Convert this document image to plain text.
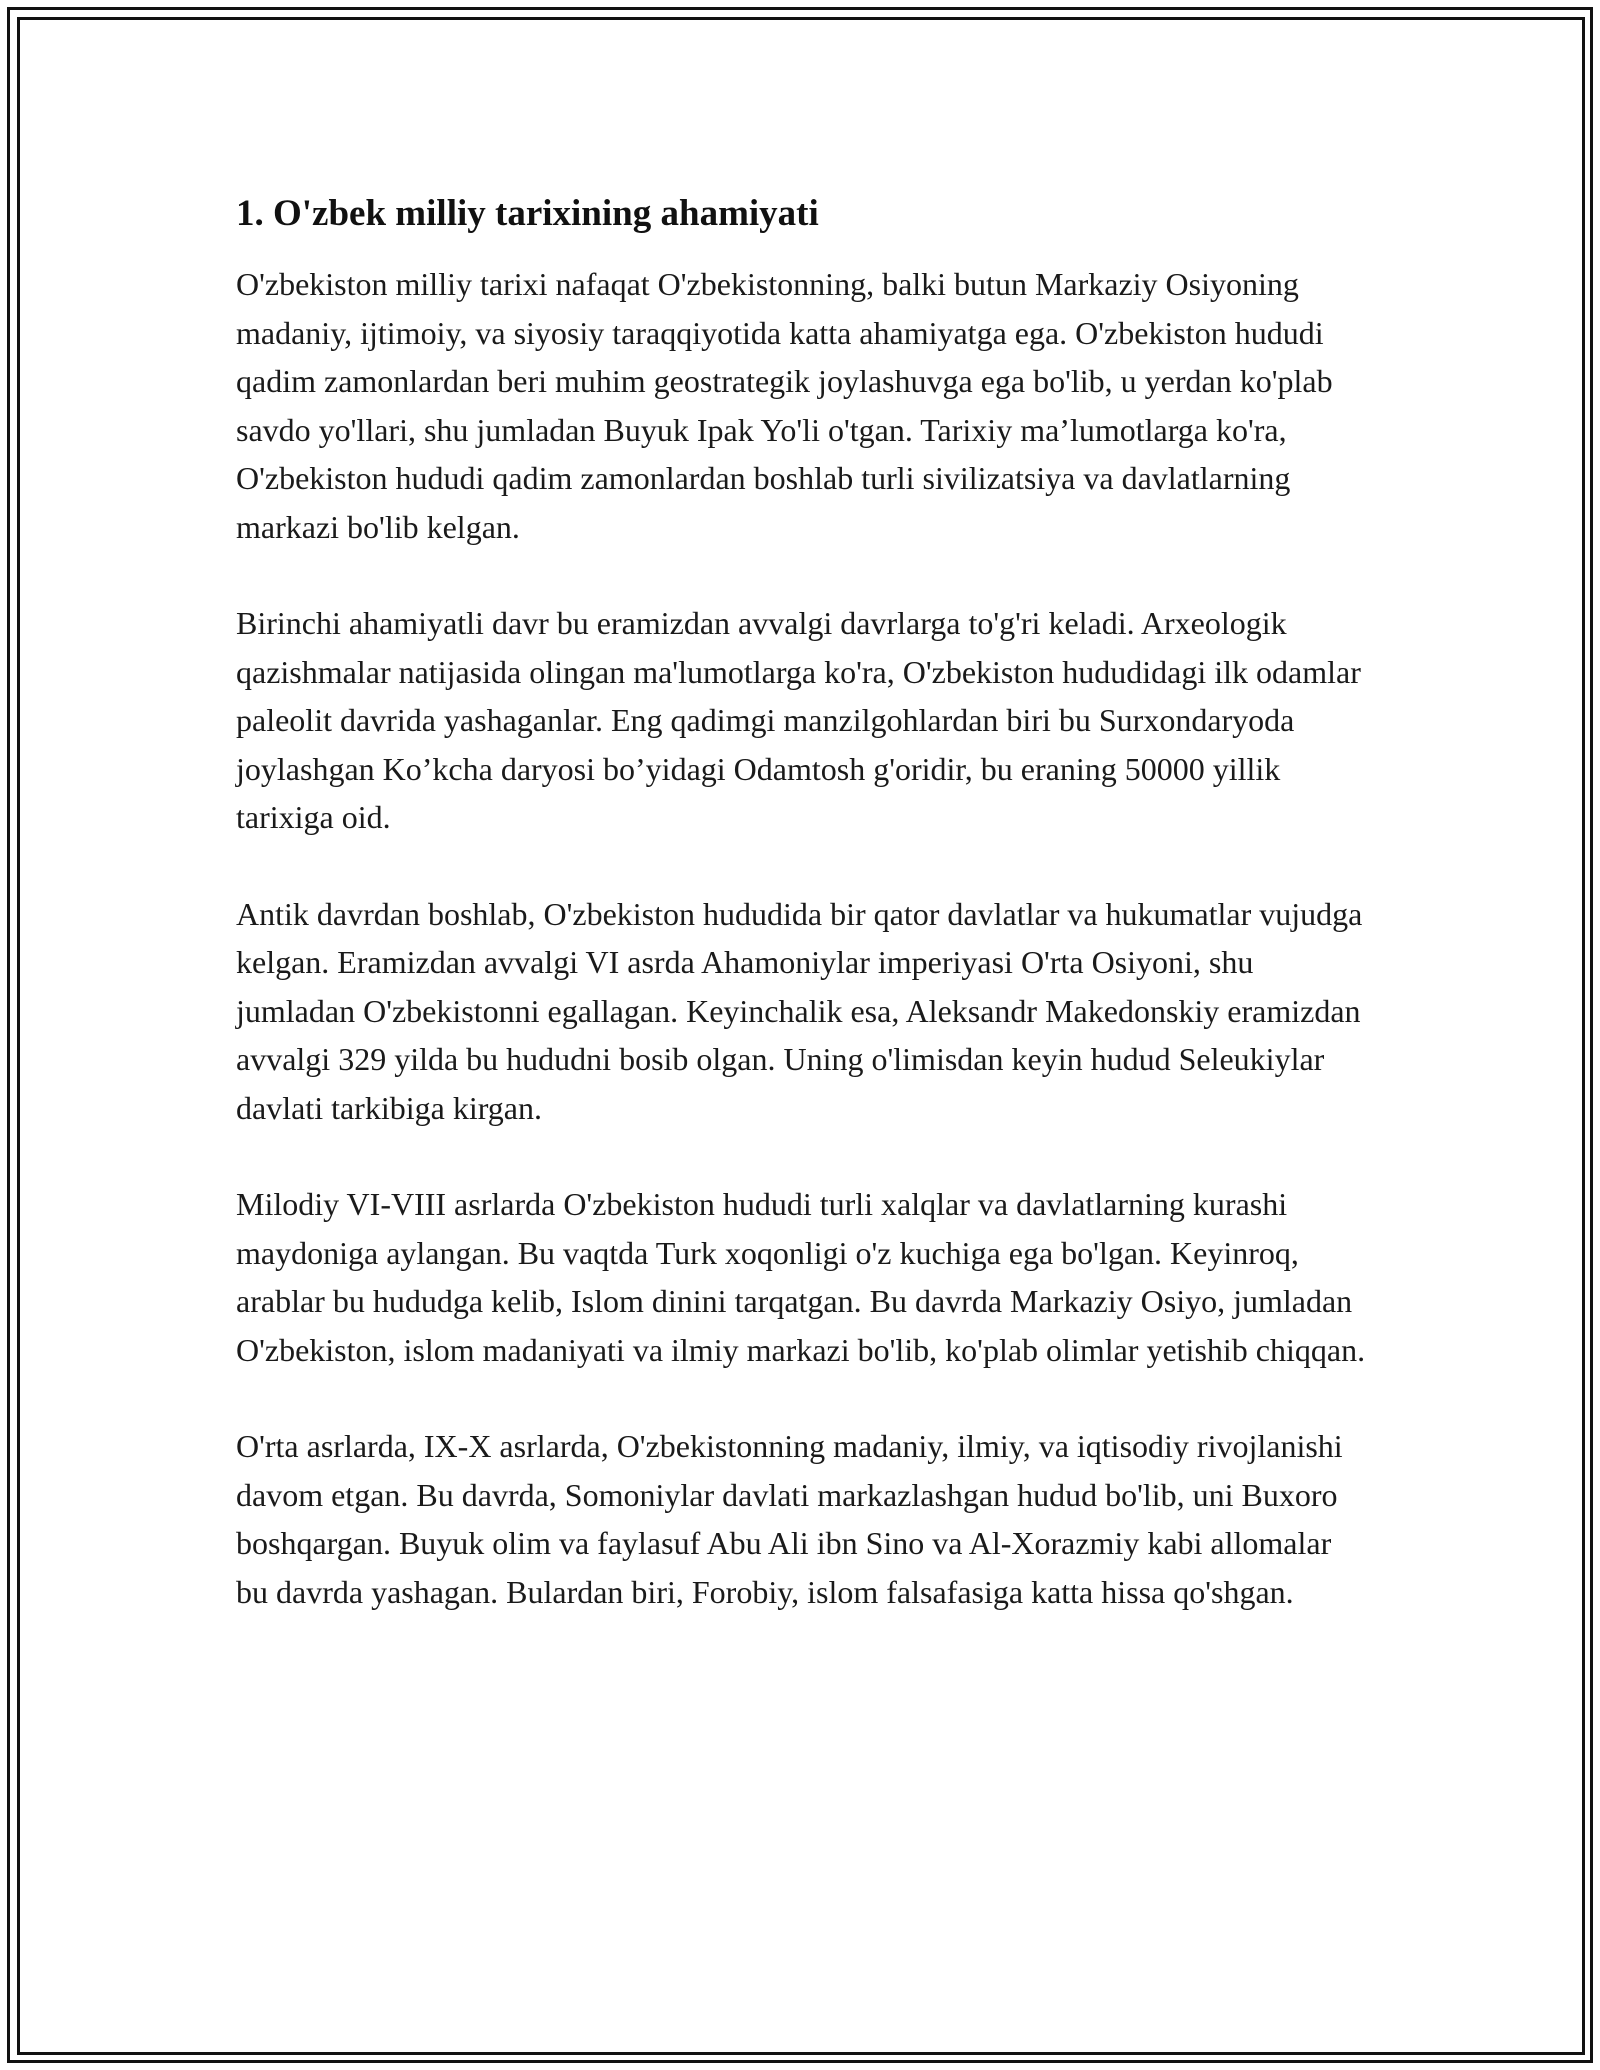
1. O'zbek milliy tarixining ahamiyati

O'zbekiston milliy tarixi nafaqat O'zbekistonning, balki butun Markaziy Osiyoning madaniy, ijtimoiy, va siyosiy taraqqiyotida katta ahamiyatga ega. O'zbekiston hududi qadim zamonlardan beri muhim geostrategik joylashuvga ega bo'lib, u yerdan ko'plab savdo yo'llari, shu jumladan Buyuk Ipak Yo'li o'tgan. Tarixiy ma’lumotlarga ko'ra, O'zbekiston hududi qadim zamonlardan boshlab turli sivilizatsiya va davlatlarning markazi bo'lib kelgan.

Birinchi ahamiyatli davr bu eramizdan avvalgi davrlarga to'g'ri keladi. Arxeologik qazishmalar natijasida olingan ma'lumotlarga ko'ra, O'zbekiston hududidagi ilk odamlar paleolit davrida yashaganlar. Eng qadimgi manzilgohlardan biri bu Surxondaryoda joylashgan Ko’kcha daryosi bo’yidagi Odamtosh g'oridir, bu eraning 50000 yillik tarixiga oid.

Antik davrdan boshlab, O'zbekiston hududida bir qator davlatlar va hukumatlar vujudga kelgan. Eramizdan avvalgi VI asrda Ahamoniylar imperiyasi O'rta Osiyoni, shu jumladan O'zbekistonni egallagan. Keyinchalik esa, Aleksandr Makedonskiy eramizdan avvalgi 329 yilda bu hududni bosib olgan. Uning o'limisdan keyin hudud Seleukiylar davlati tarkibiga kirgan.

Milodiy VI-VIII asrlarda O'zbekiston hududi turli xalqlar va davlatlarning kurashi maydoniga aylangan. Bu vaqtda Turk xoqonligi o'z kuchiga ega bo'lgan. Keyinroq, arablar bu hududga kelib, Islom dinini tarqatgan. Bu davrda Markaziy Osiyo, jumladan O'zbekiston, islom madaniyati va ilmiy markazi bo'lib, ko'plab olimlar yetishib chiqqan.

O'rta asrlarda, IX-X asrlarda, O'zbekistonning madaniy, ilmiy, va iqtisodiy rivojlanishi davom etgan. Bu davrda, Somoniylar davlati markazlashgan hudud bo'lib, uni Buxoro boshqargan. Buyuk olim va faylasuf Abu Ali ibn Sino va Al-Xorazmiy kabi allomalar bu davrda yashagan. Bulardan biri, Forobiy, islom falsafasiga katta hissa qo'shgan.
